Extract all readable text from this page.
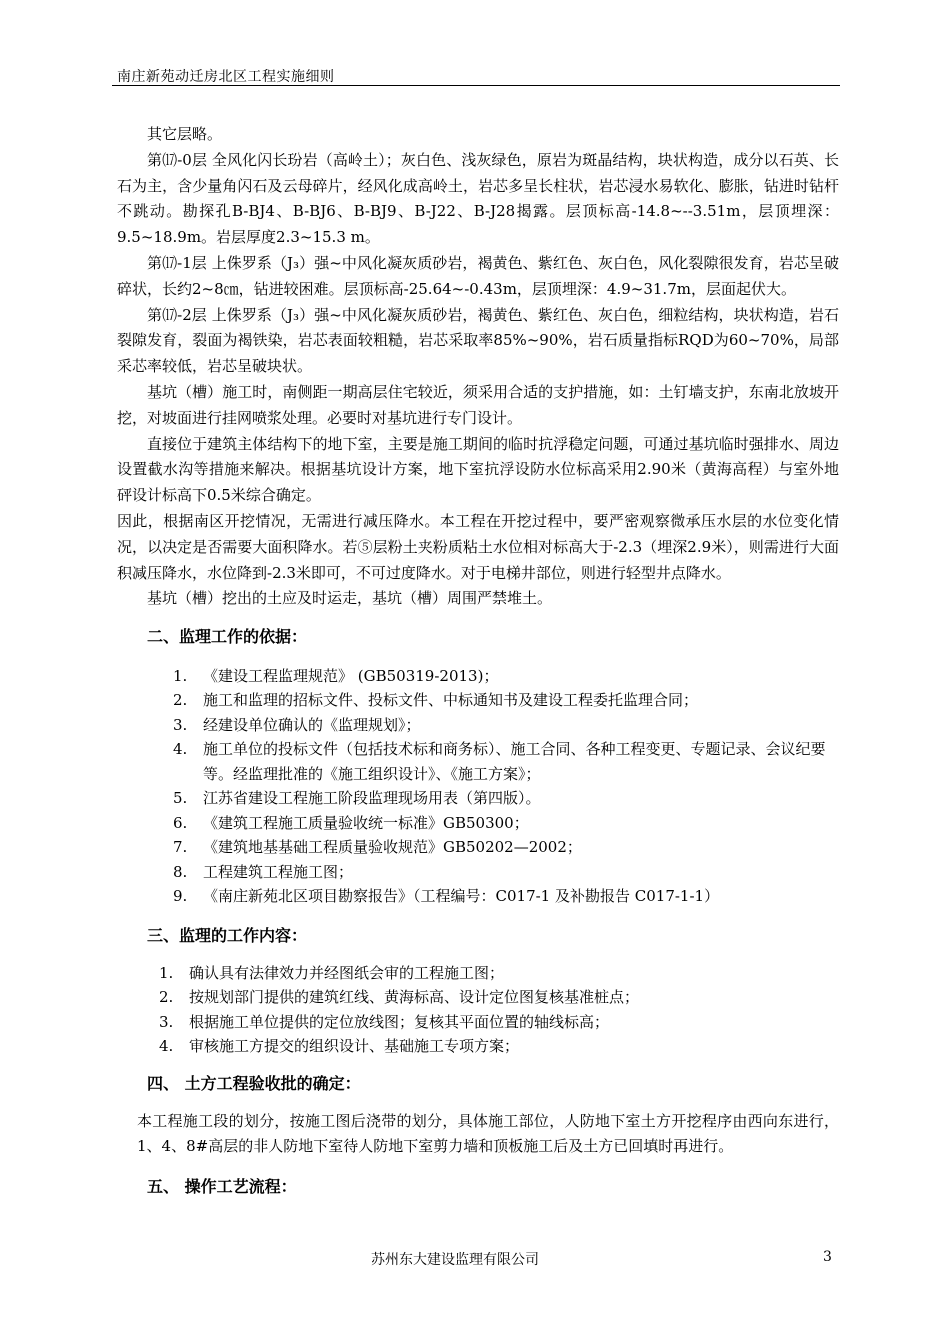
南庄新苑动迁房北区工程实施细则

其它层略。

第⒄-0层 全风化闪长玢岩（高岭土）；灰白色、浅灰绿色，原岩为斑晶结构，块状构造，成分以石英、长石为主，含少量角闪石及云母碎片，经风化成高岭土，岩芯多呈长柱状，岩芯浸水易软化、膨胀，钻进时钻杆不跳动。勘探孔B-BJ4、B-BJ6、B-BJ9、B-J22、B-J28揭露。层顶标高-14.8~--3.51m，层顶埋深：9.5~18.9m。岩层厚度2.3~15.3 m。

第⒄-1层 上侏罗系（J₃）强~中风化凝灰质砂岩，褐黄色、紫红色、灰白色，风化裂隙很发育，岩芯呈破碎状，长约2~8㎝，钻进较困难。层顶标高-25.64~-0.43m，层顶埋深：4.9~31.7m，层面起伏大。

第⒄-2层 上侏罗系（J₃）强~中风化凝灰质砂岩，褐黄色、紫红色、灰白色，细粒结构，块状构造，岩石裂隙发育，裂面为褐铁染，岩芯表面较粗糙，岩芯采取率85%~90%，岩石质量指标RQD为60~70%，局部采芯率较低，岩芯呈破块状。

基坑（槽）施工时，南侧距一期高层住宅较近，须采用合适的支护措施，如：土钉墙支护，东南北放坡开挖，对坡面进行挂网喷浆处理。必要时对基坑进行专门设计。

直接位于建筑主体结构下的地下室，主要是施工期间的临时抗浮稳定问题，可通过基坑临时强排水、周边设置截水沟等措施来解决。根据基坑设计方案，地下室抗浮设防水位标高采用2.90米（黄海高程）与室外地砰设计标高下0.5米综合确定。

因此，根据南区开挖情况，无需进行减压降水。本工程在开挖过程中，要严密观察微承压水层的水位变化情况，以决定是否需要大面积降水。若⑤层粉土夹粉质粘土水位相对标高大于-2.3（埋深2.9米），则需进行大面积减压降水，水位降到-2.3米即可，不可过度降水。对于电梯井部位，则进行轻型井点降水。

基坑（槽）挖出的土应及时运走，基坑（槽）周围严禁堆土。

二、监理工作的依据：
1. 《建设工程监理规范》 (GB50319-2013)；
2. 施工和监理的招标文件、投标文件、中标通知书及建设工程委托监理合同；
3. 经建设单位确认的《监理规划》；
4. 施工单位的投标文件（包括技术标和商务标）、施工合同、各种工程变更、专题记录、会议纪要等。经监理批准的《施工组织设计》、《施工方案》；
5. 江苏省建设工程施工阶段监理现场用表（第四版）。
6. 《建筑工程施工质量验收统一标准》GB50300；
7. 《建筑地基基础工程质量验收规范》GB50202—2002；
8. 工程建筑工程施工图；
9. 《南庄新苑北区项目勘察报告》（工程编号：C017-1 及补勘报告 C017-1-1）
三、监理的工作内容：
1. 确认具有法律效力并经图纸会审的工程施工图；
2. 按规划部门提供的建筑红线、黄海标高、设计定位图复核基准桩点；
3. 根据施工单位提供的定位放线图；复核其平面位置的轴线标高；
4. 审核施工方提交的组织设计、基础施工专项方案；
四、 土方工程验收批的确定：

本工程施工段的划分，按施工图后浇带的划分，具体施工部位，人防地下室土方开挖程序由西向东进行，1、4、8#高层的非人防地下室待人防地下室剪力墙和顶板施工后及土方已回填时再进行。

五、 操作工艺流程：
苏州东大建设监理有限公司	3
